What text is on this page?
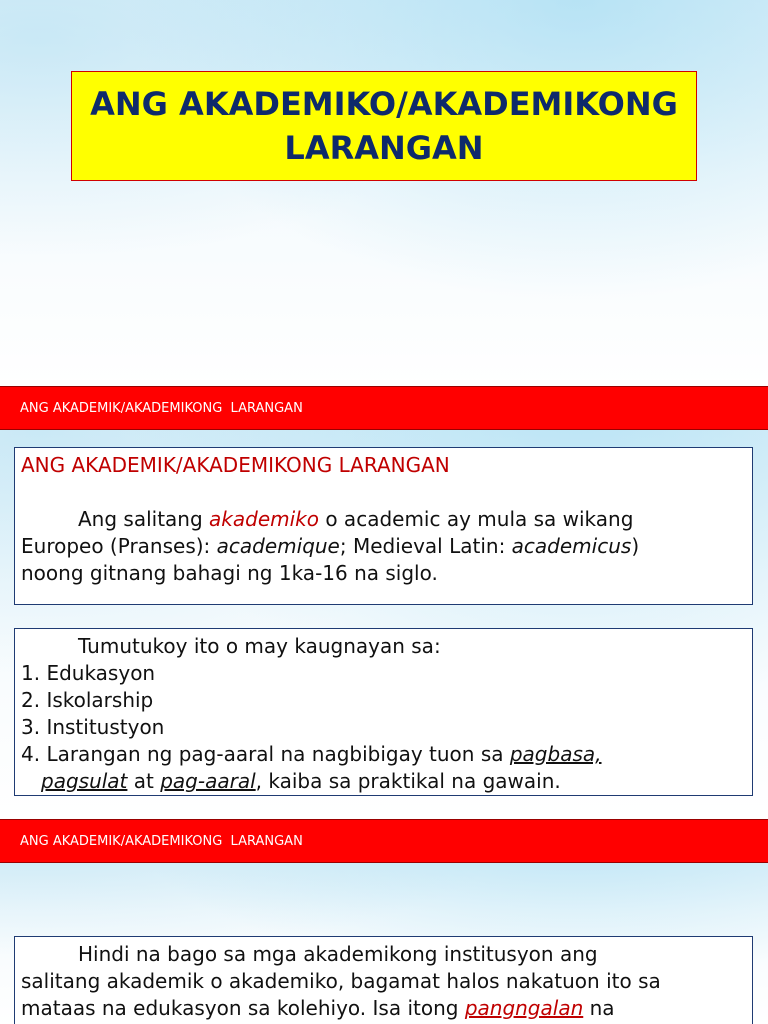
ANG AKADEMIKO/AKADEMIKONG
LARANGAN
ANG AKADEMIK/AKADEMIKONG  LARANGAN
ANG AKADEMIK/AKADEMIKONG LARANGAN

Ang salitang akademiko o academic ay mula sa wikang
Europeo (Pranses): academique; Medieval Latin: academicus)
noong gitnang bahagi ng 1ka-16 na siglo.
Tumutukoy ito o may kaugnayan sa:
1. Edukasyon
2. Iskolarship
3. Institustyon
4. Larangan ng pag-aaral na nagbibigay tuon sa pagbasa,
pagsulat at pag-aaral, kaiba sa praktikal na gawain.
ANG AKADEMIK/AKADEMIKONG  LARANGAN
Hindi na bago sa mga akademikong institusyon ang
salitang akademik o akademiko, bagamat halos nakatuon ito sa
mataas na edukasyon sa kolehiyo. Isa itong pangngalan na
